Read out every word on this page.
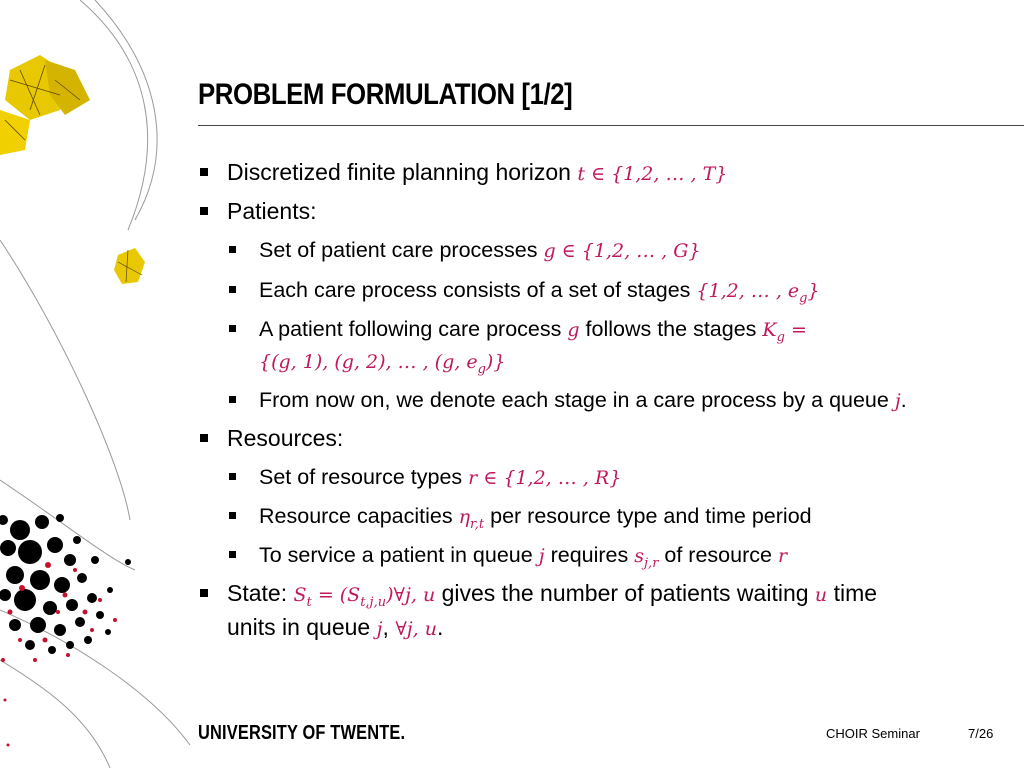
PROBLEM FORMULATION [1/2]
Discretized finite planning horizon t ∈ {1,2, … , T}
Patients:
Set of patient care processes g ∈ {1,2, … , G}
Each care process consists of a set of stages {1,2, … , $e_g$}
A patient following care process g follows the stages $K_g$ =
{(g, 1), (g, 2), … , (g, $e_g$)}
From now on, we denote each stage in a care process by a queue j.
Resources:
Set of resource types r ∈ {1,2, … , R}
Resource capacities $\eta_{r,t}$ per resource type and time period
To service a patient in queue j requires $s_{j,r}$ of resource r
State: $S_t$ = $(S_{t,j,u})\forall j$, u gives the number of patients waiting u time
units in queue j, ∀j, u.
UNIVERSITY OF TWENTE.	CHOIR Seminar	7/26
